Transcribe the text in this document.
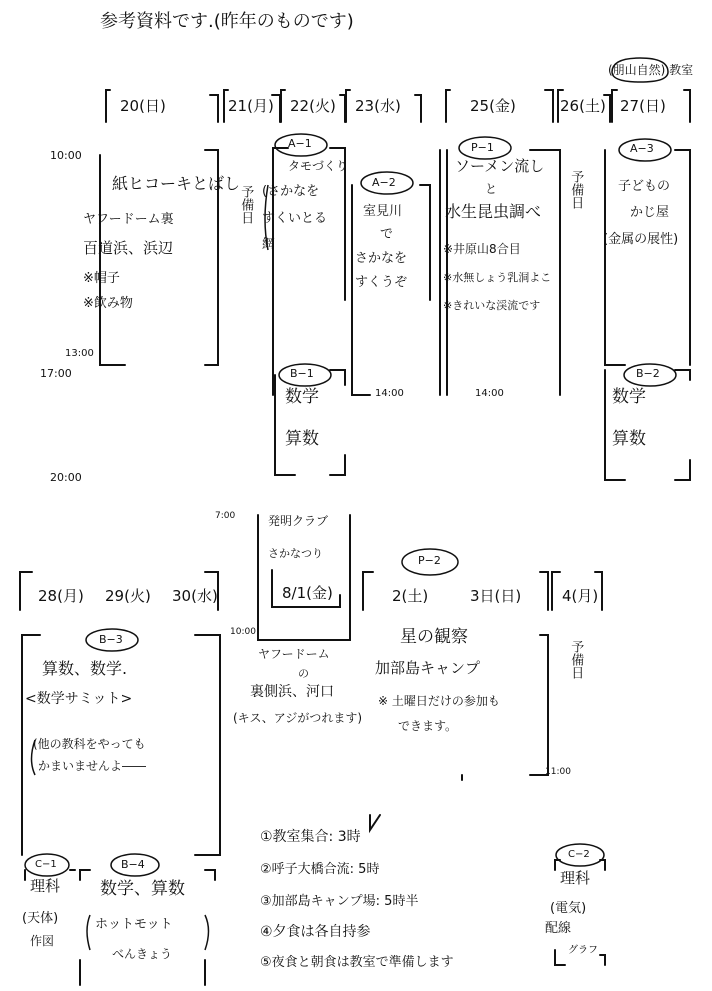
参考資料です.(昨年のものです)
20(日)	21(月) 22(火) 23(水)	25(金)	26(土) 27(日)
(朋山自然) 教室
10:00
13:00
17:00
20:00
紙ヒコーキとばし
ヤフードーム裏
百道浜、浜辺
※帽子
※飲み物
予備日
A−1
タモづくり
(さかなを
すくいとる
網
A−2
室見川
で
さかなを
すくうぞ
14:00
P−1
ソーメン流し
と
水生昆虫調べ
※井原山8合目
※水無しょう乳洞よこ
※きれいな渓流です
14:00
予備日
A−3
子どもの
かじ屋
(金属の展性)
B−1
数学
算数
B−2
数学
算数
7:00	発明クラブ
さかなつり
28(月) 29(火) 30(水)	8/1(金)	2(土)	3日(日)	4(月)
P−2
10:00
ヤフードーム
の
裏側浜、河口
(キス、アジがつれます)
星の観察
加部島キャンプ
※ 土曜日だけの参加も
できます。
予備日
11:00
B−3
算数、数学.
<数学サミット>
(他の教科をやっても
かまいませんよ――
C−1
理科
(天体)
作図
B−4
数学、算数
ホットモット
べんきょう
①教室集合: 3時
②呼子大橋合流: 5時
③加部島キャンプ場: 5時半
④夕食は各自持参
⑤夜食と朝食は教室で準備します
C−2
理科
(電気)
配線
グラフ
